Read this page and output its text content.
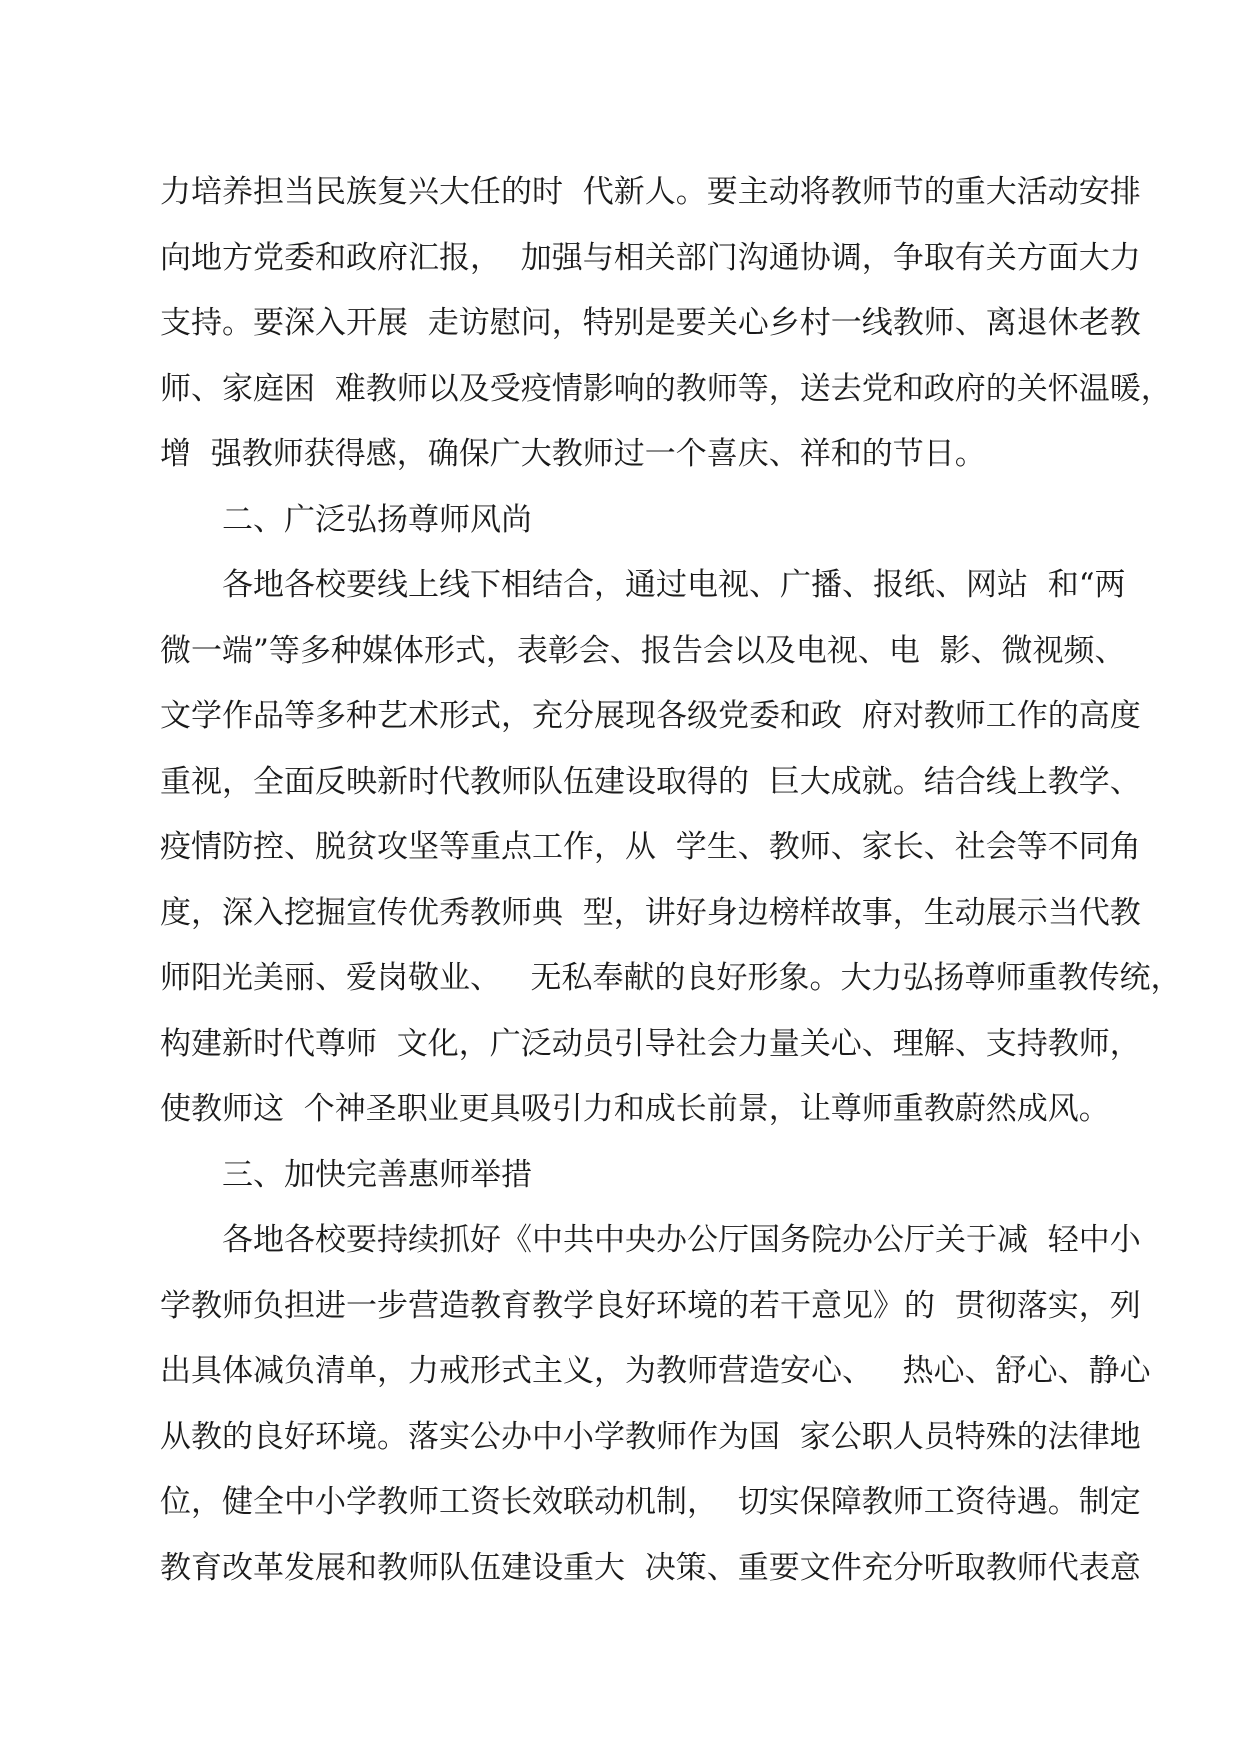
力培养担当民族复兴大任的时  代新人。要主动将教师节的重大活动安排
向地方党委和政府汇报，  加强与相关部门沟通协调，争取有关方面大力
支持。要深入开展  走访慰问，特别是要关心乡村一线教师、离退休老教
师、家庭困  难教师以及受疫情影响的教师等，送去党和政府的关怀温暖，
增  强教师获得感，确保广大教师过一个喜庆、祥和的节日。
二、广泛弘扬尊师风尚
各地各校要线上线下相结合，通过电视、广播、报纸、网站  和“两
微一端”等多种媒体形式，表彰会、报告会以及电视、电  影、微视频、
文学作品等多种艺术形式，充分展现各级党委和政  府对教师工作的高度
重视，全面反映新时代教师队伍建设取得的  巨大成就。结合线上教学、
疫情防控、脱贫攻坚等重点工作，从  学生、教师、家长、社会等不同角
度，深入挖掘宣传优秀教师典  型，讲好身边榜样故事，生动展示当代教
师阳光美丽、爱岗敬业、   无私奉献的良好形象。大力弘扬尊师重教传统，
构建新时代尊师  文化，广泛动员引导社会力量关心、理解、支持教师，
使教师这  个神圣职业更具吸引力和成长前景，让尊师重教蔚然成风。
三、加快完善惠师举措
各地各校要持续抓好《中共中央办公厅国务院办公厅关于减  轻中小
学教师负担进一步营造教育教学良好环境的若干意见》的  贯彻落实，列
出具体减负清单，力戒形式主义，为教师营造安心、   热心、舒心、静心
从教的良好环境。落实公办中小学教师作为国  家公职人员特殊的法律地
位，健全中小学教师工资长效联动机制，  切实保障教师工资待遇。制定
教育改革发展和教师队伍建设重大  决策、重要文件充分听取教师代表意
